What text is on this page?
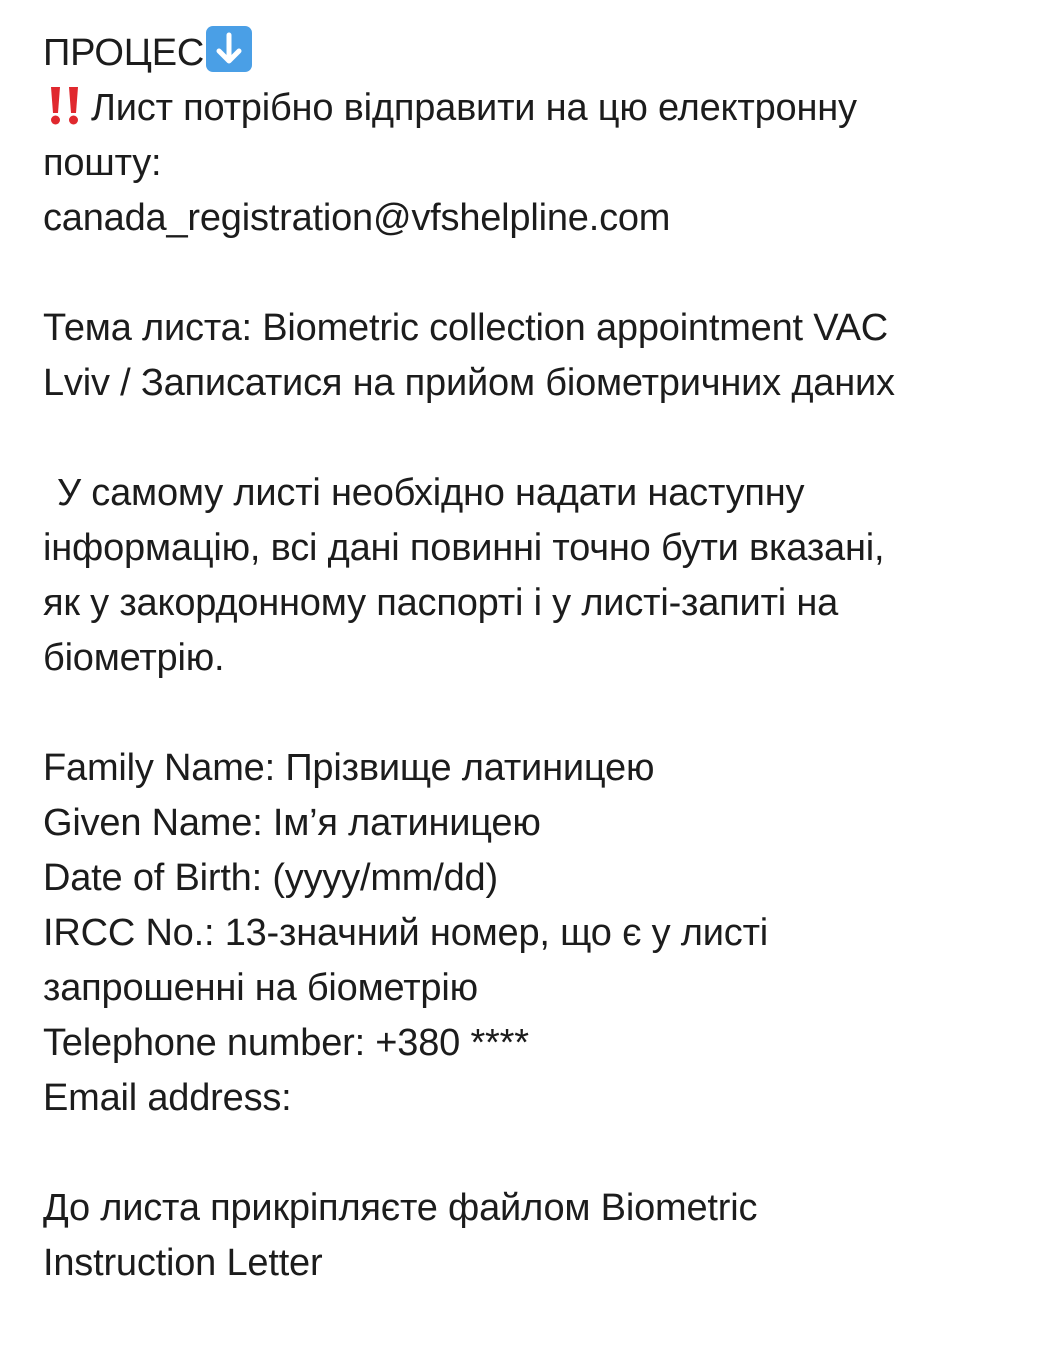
ПРОЦЕС
Лист потрібно відправити на цю електронну
пошту:
canada_registration@vfshelpline.com
Тема листа: Biometric collection appointment VAC
Lviv / Записатися на прийом біометричних даних
У самому листі необхідно надати наступну
інформацію, всі дані повинні точно бути вказані,
як у закордонному паспорті і у листі-запиті на
біометрію.
Family Name: Прізвище латиницею
Given Name: Ім’я латиницею
Date of Birth: (yyyy/mm/dd)
IRCC No.: 13-значний номер, що є у листі
запрошенні на біометрію
Telephone number: +380 ****
Email address:
До листа прикріпляєте файлом Biometric
Instruction Letter
